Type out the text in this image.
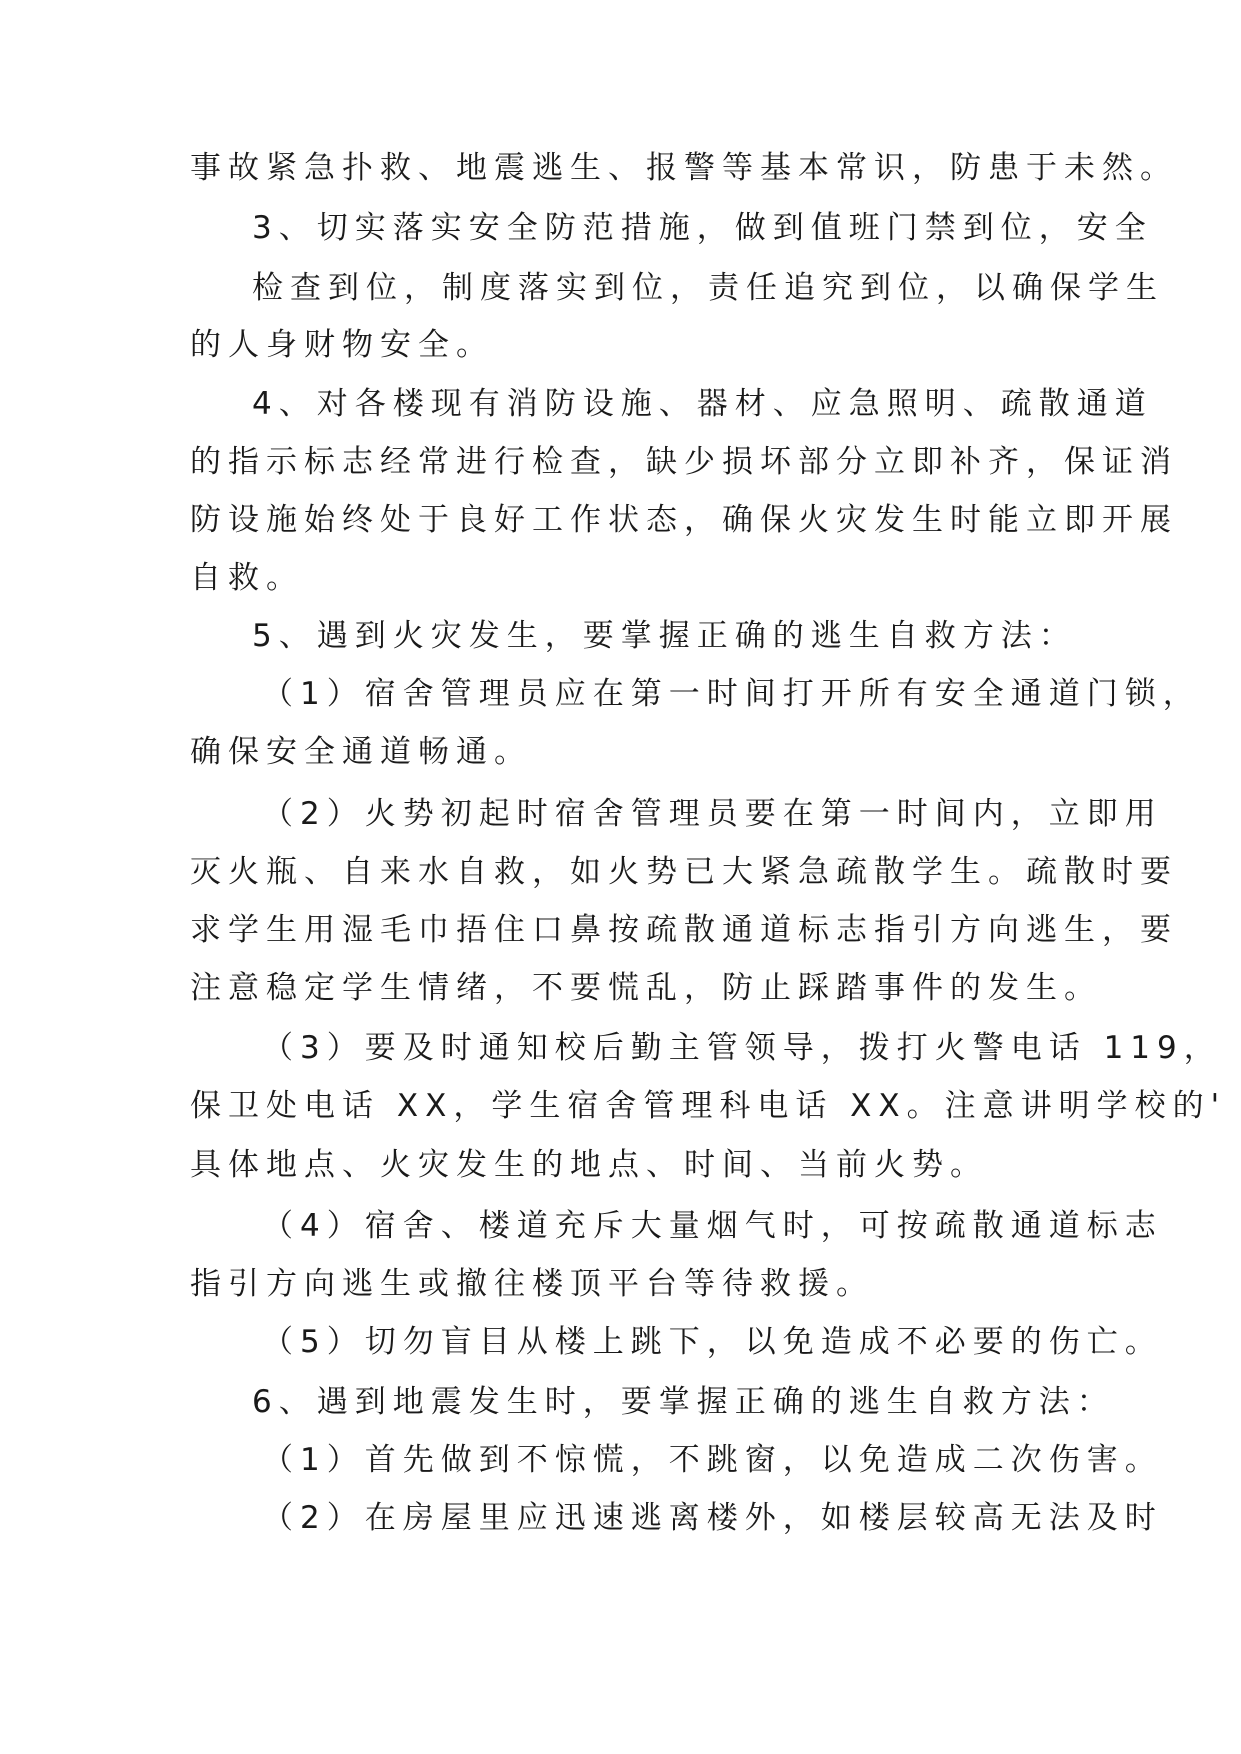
事故紧急扑救、地震逃生、报警等基本常识，防患于未然。
3、切实落实安全防范措施，做到值班门禁到位，安全
检查到位，制度落实到位，责任追究到位，以确保学生
的人身财物安全。
4、对各楼现有消防设施、器材、应急照明、疏散通道
的指示标志经常进行检查，缺少损坏部分立即补齐，保证消
防设施始终处于良好工作状态，确保火灾发生时能立即开展
自救。
5、遇到火灾发生，要掌握正确的逃生自救方法：
（1）宿舍管理员应在第一时间打开所有安全通道门锁，
确保安全通道畅通。
（2）火势初起时宿舍管理员要在第一时间内，立即用
灭火瓶、自来水自救，如火势已大紧急疏散学生。疏散时要
求学生用湿毛巾捂住口鼻按疏散通道标志指引方向逃生，要
注意稳定学生情绪，不要慌乱，防止踩踏事件的发生。
（3）要及时通知校后勤主管领导，拨打火警电话 119，
保卫处电话 XX，学生宿舍管理科电话 XX。注意讲明学校的'
具体地点、火灾发生的地点、时间、当前火势。
（4）宿舍、楼道充斥大量烟气时，可按疏散通道标志
指引方向逃生或撤往楼顶平台等待救援。
（5）切勿盲目从楼上跳下，以免造成不必要的伤亡。
6、遇到地震发生时，要掌握正确的逃生自救方法：
（1）首先做到不惊慌，不跳窗，以免造成二次伤害。
（2）在房屋里应迅速逃离楼外，如楼层较高无法及时
